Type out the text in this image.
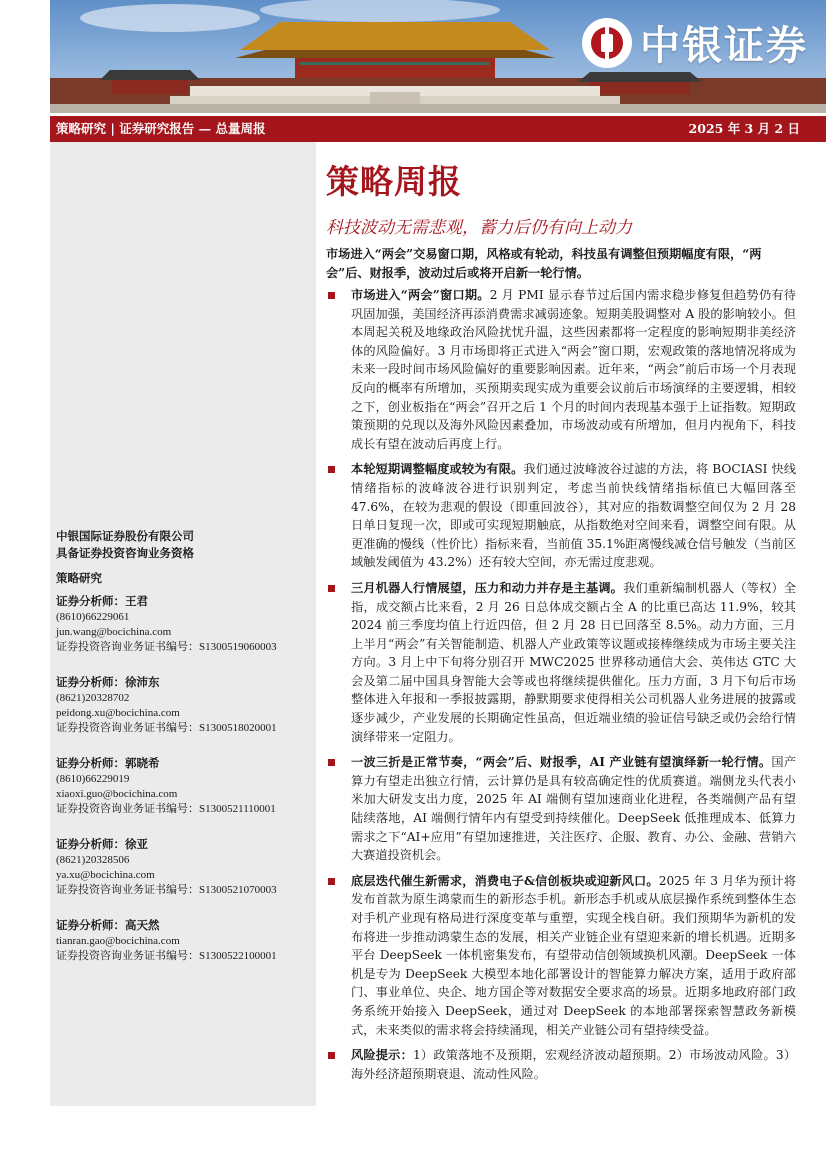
中银证券
策略研究 | 证券研究报告 — 总量周报	2025 年 3 月 2 日
中银国际证券股份有限公司
具备证券投资咨询业务资格
策略研究
证券分析师：王君
(8610)66229061
jun.wang@bocichina.com
证券投资咨询业务证书编号：S1300519060003
证券分析师：徐沛东
(8621)20328702
peidong.xu@bocichina.com
证券投资咨询业务证书编号：S1300518020001
证券分析师：郭晓希
(8610)66229019
xiaoxi.guo@bocichina.com
证券投资咨询业务证书编号：S1300521110001
证券分析师：徐亚
(8621)20328506
ya.xu@bocichina.com
证券投资咨询业务证书编号：S1300521070003
证券分析师：高天然
tianran.gao@bocichina.com
证券投资咨询业务证书编号：S1300522100001
策略周报
科技波动无需悲观，蓄力后仍有向上动力
市场进入“两会”交易窗口期，风格或有轮动，科技虽有调整但预期幅度有限，“两会”后、财报季，波动过后或将开启新一轮行情。
市场进入“两会”窗口期。2 月 PMI 显示春节过后国内需求稳步修复但趋势仍有待巩固加强，美国经济再添消费需求减弱迹象。短期美股调整对 A 股的影响较小。但本周起关税及地缘政治风险扰忧升温，这些因素都将一定程度的影响短期非美经济体的风险偏好。3 月市场即将正式进入“两会”窗口期，宏观政策的落地情况将成为未来一段时间市场风险偏好的重要影响因素。近年来，“两会”前后市场一个月表现反向的概率有所增加，买预期卖现实成为重要会议前后市场演绎的主要逻辑，相较之下，创业板指在“两会”召开之后 1 个月的时间内表现基本强于上证指数。短期政策预期的兑现以及海外风险因素叠加，市场波动或有所增加，但月内视角下，科技成长有望在波动后再度上行。
本轮短期调整幅度或较为有限。我们通过波峰波谷过滤的方法，将 BOCIASI 快线情绪指标的波峰波谷进行识别判定，考虑当前快线情绪指标值已大幅回落至 47.6%，在较为悲观的假设（即重回波谷），其对应的指数调整空间仅为 2 月 28 日单日复现一次，即或可实现短期触底，从指数绝对空间来看，调整空间有限。从更准确的慢线（性价比）指标来看，当前值 35.1%距离慢线减仓信号触发（当前区域触发阈值为 43.2%）还有较大空间，亦无需过度悲观。
三月机器人行情展望，压力和动力并存是主基调。我们重新编制机器人（等权）全指，成交额占比来看，2 月 26 日总体成交额占全 A 的比重已高达 11.9%，较其 2024 前三季度均值上行近四倍，但 2 月 28 日已回落至 8.5%。动力方面，三月上半月“两会”有关智能制造、机器人产业政策等议题或接棒继续成为市场主要关注方向。3 月上中下旬将分别召开 MWC2025 世界移动通信大会、英伟达 GTC 大会及第二届中国具身智能大会等或也将继续提供催化。压力方面，3 月下旬后市场整体进入年报和一季报披露期，静默期要求使得相关公司机器人业务进展的披露或逐步减少，产业发展的长期确定性虽高，但近端业绩的验证信号缺乏或仍会给行情演绎带来一定阻力。
一波三折是正常节奏，“两会”后、财报季，AI 产业链有望演绎新一轮行情。国产算力有望走出独立行情，云计算仍是具有较高确定性的优质赛道。端侧龙头代表小米加大研发支出力度，2025 年 AI 端侧有望加速商业化进程，各类端侧产品有望陆续落地，AI 端侧行情年内有望受到持续催化。DeepSeek 低推理成本、低算力需求之下“AI+应用”有望加速推进，关注医疗、企服、教育、办公、金融、营销六大赛道投资机会。
底层迭代催生新需求，消费电子&信创板块或迎新风口。2025 年 3 月华为预计将发布首款为原生鸿蒙而生的新形态手机。新形态手机或从底层操作系统到整体生态对手机产业现有格局进行深度变革与重塑，实现全栈自研。我们预期华为新机的发布将进一步推动鸿蒙生态的发展，相关产业链企业有望迎来新的增长机遇。近期多平台 DeepSeek 一体机密集发布，有望带动信创领域换机风潮。DeepSeek 一体机是专为 DeepSeek 大模型本地化部署设计的智能算力解决方案，适用于政府部门、事业单位、央企、地方国企等对数据安全要求高的场景。近期多地政府部门政务系统开始接入 DeepSeek，通过对 DeepSeek 的本地部署探索智慧政务新模式，未来类似的需求将会持续涌现，相关产业链公司有望持续受益。
风险提示：1）政策落地不及预期，宏观经济波动超预期。2）市场波动风险。3）海外经济超预期衰退、流动性风险。
